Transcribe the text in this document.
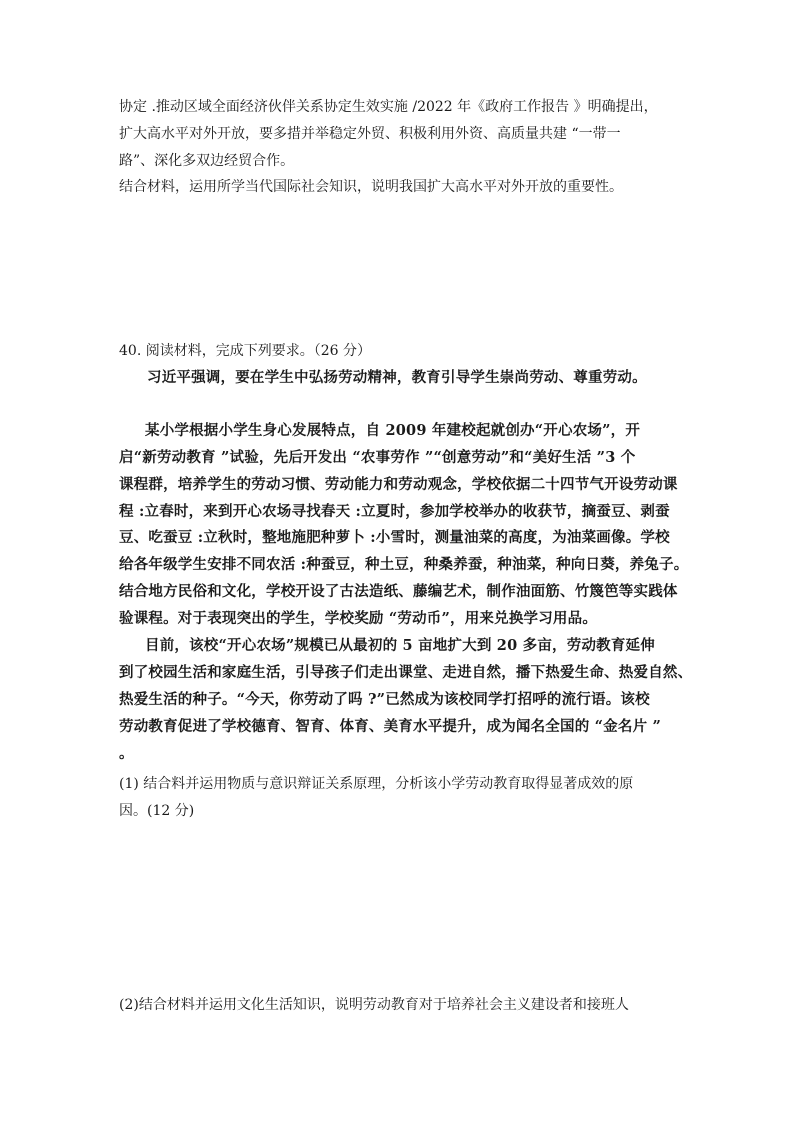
协定 .推动区域全面经济伙伴关系协定生效实施 /2022 年《政府工作报告 》明确提出，
扩大高水平对外开放，要多措并举稳定外贸、积极利用外资、高质量共建 “一带一
路”、深化多双边经贸合作。
结合材料，运用所学当代国际社会知识，说明我国扩大高水平对外开放的重要性。
40. 阅读材料，完成下列要求。（26 分）
习近平强调，要在学生中弘扬劳动精神，教育引导学生崇尚劳动、尊重劳动。
某小学根据小学生身心发展特点，自 2009 年建校起就创办“开心农场”，开
启“新劳动教育 ”试验，先后开发出 “农事劳作 ”“创意劳动”和“美好生活 ”3 个
课程群，培养学生的劳动习惯、劳动能力和劳动观念，学校依据二十四节气开设劳动课
程 :立春时，来到开心农场寻找春天 :立夏时，参加学校举办的收获节，摘蚕豆、剥蚕
豆、吃蚕豆 :立秋时，整地施肥种萝卜 :小雪时，测量油菜的高度，为油菜画像。学校
给各年级学生安排不同农活 :种蚕豆，种土豆，种桑养蚕，种油菜，种向日葵，养兔子。
结合地方民俗和文化，学校开设了古法造纸、藤编艺术，制作油面筋、竹篾笆等实践体
验课程。对于表现突出的学生，学校奖励 “劳动币”，用来兑换学习用品。
目前，该校“开心农场”规模已从最初的 5 亩地扩大到 20 多亩，劳动教育延伸
到了校园生活和家庭生活，引导孩子们走出课堂、走进自然，播下热爱生命、热爱自然、
热爱生活的种子。“今天，你劳动了吗 ?”已然成为该校同学打招呼的流行语。该校
劳动教育促进了学校德育、智育、体育、美育水平提升，成为闻名全国的 “金名片 ”
。
(1) 结合料并运用物质与意识辩证关系原理，分析该小学劳动教育取得显著成效的原
因。(12 分)
(2)结合材料并运用文化生活知识，说明劳动教育对于培养社会主义建设者和接班人
